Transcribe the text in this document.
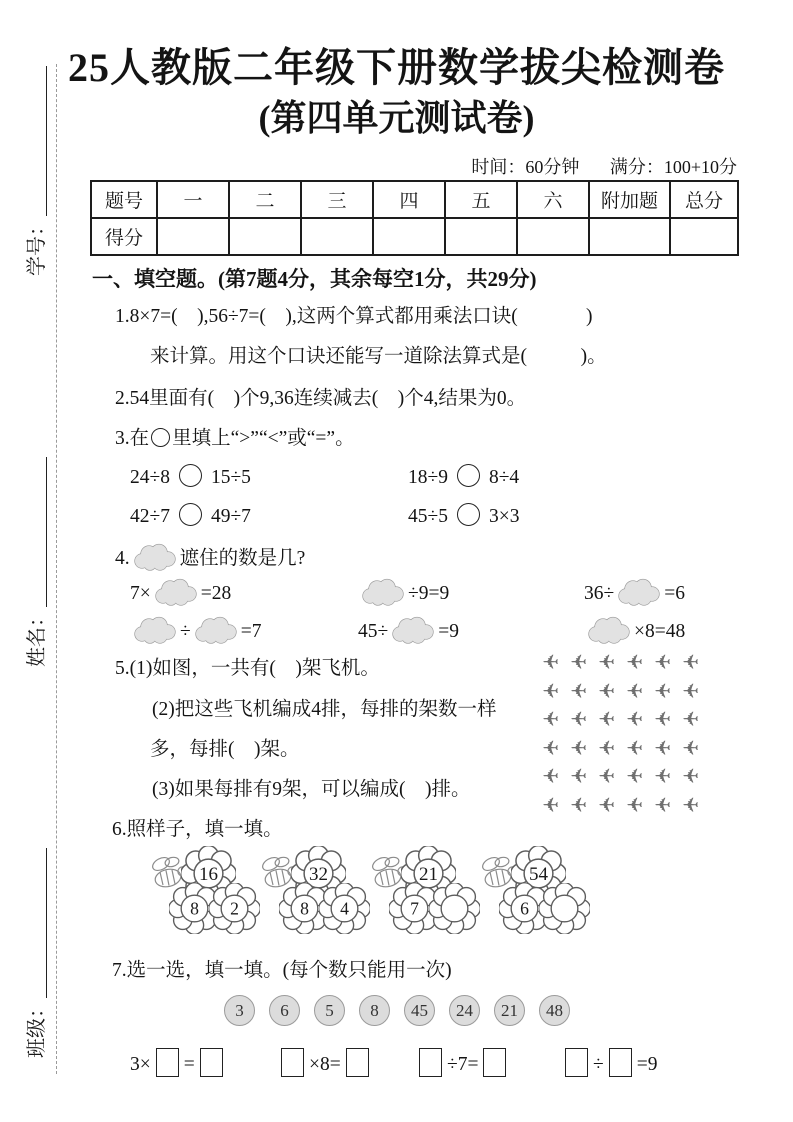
班级：
姓名：
学号：
25人教版二年级下册数学拔尖检测卷
(第四单元测试卷)
时间：60分钟 满分：100+10分
题号	一	二	三	四	五	六	附加题	总分
得分								
一、填空题。(第7题4分，其余每空1分，共29分)
1.8×7=(    ),56÷7=(    ),这两个算式都用乘法口诀(              )
来计算。用这个口诀还能写一道除法算式是(           )。
2.54里面有(    )个9,36连续减去(    )个4,结果为0。
3.在 里填上“>”“<”或“=”。
24÷8 15÷5	18÷9 8÷4
42÷7 49÷7	45÷5 3×3
4.	遮住的数是几?
7×	=28	÷9=9	36÷	=6
÷	=7	45÷	=9	×8=48
5.(1)如图，一共有(    )架飞机。
(2)把这些飞机编成4排，每排的架数一样
多，每排(    )架。
(3)如果每排有9架，可以编成(    )排。
✈ ✈ ✈ ✈ ✈ ✈
✈ ✈ ✈ ✈ ✈ ✈
✈ ✈ ✈ ✈ ✈ ✈
✈ ✈ ✈ ✈ ✈ ✈
✈ ✈ ✈ ✈ ✈ ✈
✈ ✈ ✈ ✈ ✈ ✈
6.照样子，填一填。
16
8 2
32
8 4
21
7
54
6
7.选一选，填一填。(每个数只能用一次)
3	6	5	8	45	24	21	48
3× =	×8=	÷7=	÷ =9
